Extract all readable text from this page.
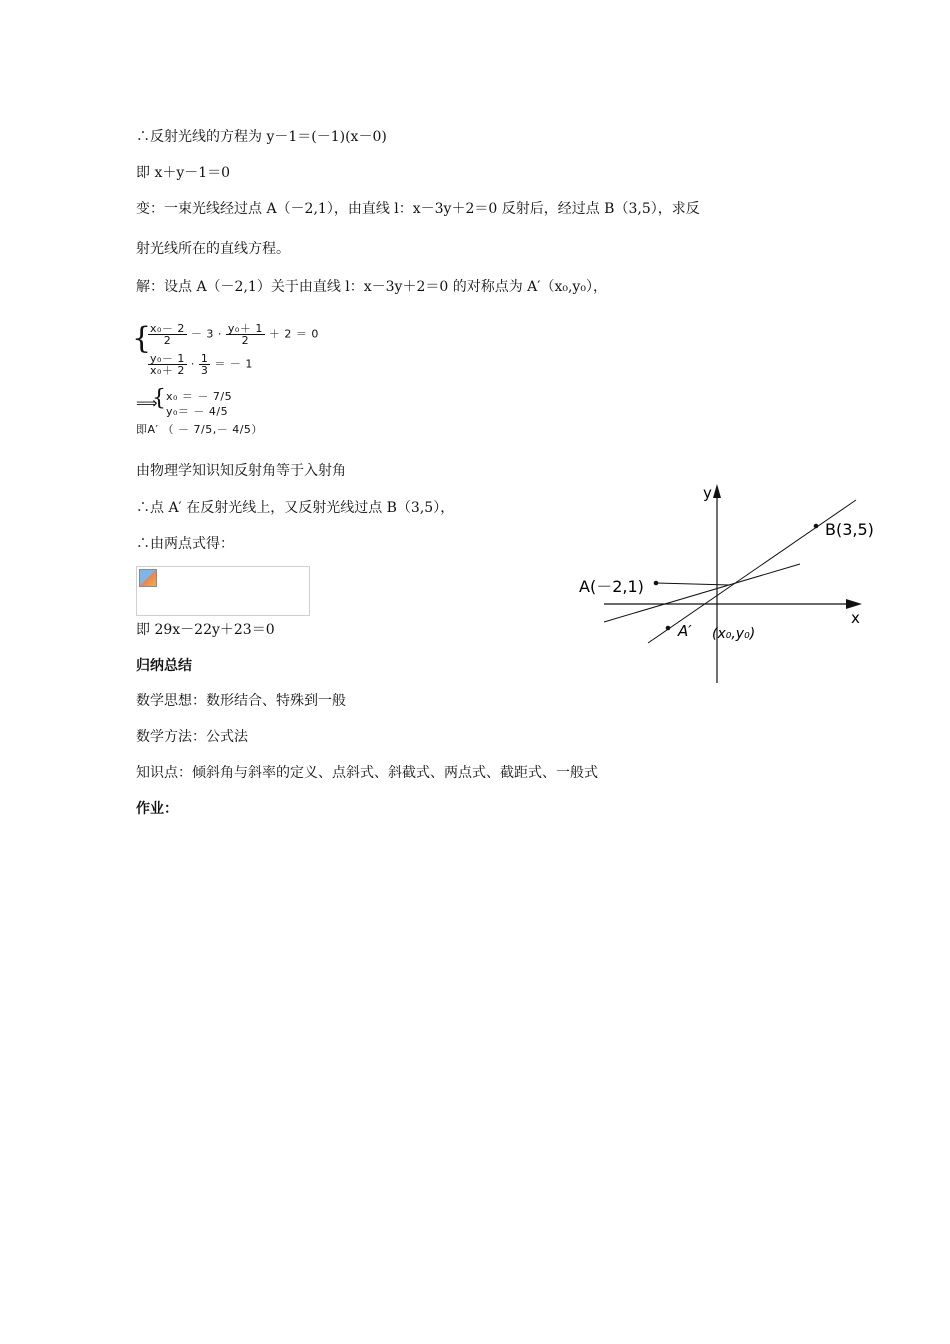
∴反射光线的方程为 y－1＝(－1)(x－0)
即 x＋y－1＝0
变：一束光线经过点 A（－2,1），由直线 l：x－3y＋2＝0 反射后，经过点 B（3,5），求反
射光线所在的直线方程。
解：设点 A（－2,1）关于由直线 l：x－3y＋2＝0 的对称点为 A′（x₀,y₀），
{
$\frac{\text{x₀－ 2}}{2} - 3 \cdot \frac{\text{y₀＋ 1}}{2} + 2 = 0$
$\frac{\text{y₀－ 1}}{\text{x₀＋ 2}} \cdot \frac{1}{3}$ ＝ － 1
⟹
{ x₀ ＝ － 7/5
y₀＝ － 4/5
即A′ （ － 7/5,－ 4/5）
由物理学知识知反射角等于入射角
∴点 A′ 在反射光线上，又反射光线过点 B（3,5），
∴由两点式得：
即 29x－22y＋23＝0
归纳总结
数学思想：数形结合、特殊到一般
数学方法：公式法
知识点：倾斜角与斜率的定义、点斜式、斜截式、两点式、截距式、一般式
作业：
y
x
B(3,5)
A(－2,1)
A′ (x₀,y₀)
